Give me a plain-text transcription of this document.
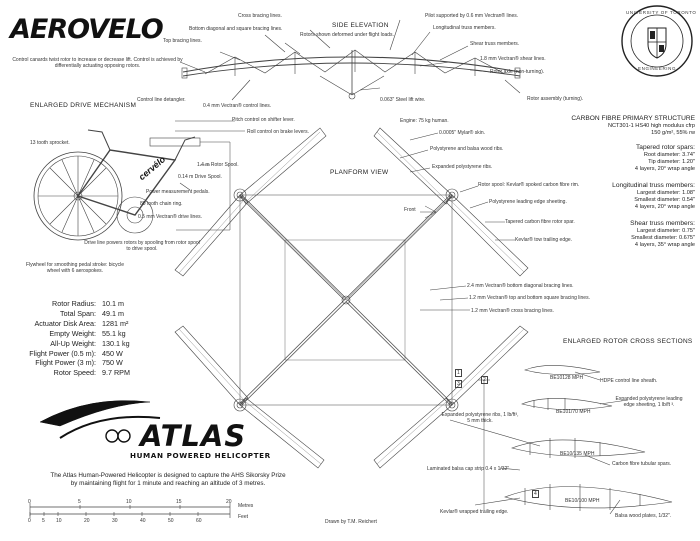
AEROVELO
UNIVERSITY OF TORONTO
ENGINEERING
SIDE ELEVATION
Rotors shown deformed under flight loads.
Control canards twist rotor to increase or decrease lift. Control is achieved by differentially actuating opposing rotors.
Cross bracing lines.
Bottom diagonal and square bracing lines.
Top bracing lines.
Pilot supported by 0.6 mm Vectran® lines.
Longitudinal truss members.
Shear truss members.
1.8 mm Vectran® shear lines.
Rotor axle (non-turning).
Rotor assembly (turning).
0.063" Steel lift wire.
Engine: 75 kg human.
Control line detangler.
ENLARGED DRIVE MECHANISM	0.4 mm Vectran® control lines.
Pitch control on shifter lever.
Roll control on brake levers.
13 tooth sprocket.
1.4 m Rotor Spool.
0.14 m Drive Spool.
Power measurement pedals.
80 tooth chain ring.
0.5 mm Vectran® drive lines.
Drive line powers rotors by spooling from rotor spool to drive spool.
Flywheel for smoothing pedal stroke: bicycle wheel with 6 aerospokes.
cervélo	PLANFORM VIEW
Front
0.0005" Mylar® skin.
Polystyrene and balsa wood ribs.
Expanded polystyrene ribs.
Rotor spool: Kevlar® spoked carbon fibre rim.
Polystyrene leading edge sheeting.
Tapered carbon fibre rotor spar.
Kevlar® tow trailing edge.
2.4 mm Vectran® bottom diagonal bracing lines.
1.2 mm Vectran® top and bottom square bracing lines.
1.2 mm Vectran® cross bracing lines.
Rotor Radius: 10.1 m
Total Span: 49.1 m
Actuator Disk Area: 1281 m²
Empty Weight: 55.1 kg
All-Up Weight: 130.1 kg
Flight Power (0.5 m): 450 W
Flight Power (3 m): 750 W
Rotor Speed: 9.7 RPM
ATLAS
HUMAN POWERED HELICOPTER
The Atlas Human-Powered Helicopter is designed to capture the AHS Sikorsky Prize
by maintaining flight for 1 minute and reaching an altitude of 3 metres.
Metres
Feet
0	5	10	15	20
0 5 10	20	30	40	50	60	Drawn by T.M. Reichert
CARBON FIBRE PRIMARY STRUCTURE
NCT301-1 HS40 high modulus cfrp
150 g/m², 55% rw
Tapered rotor spars:
Root diameter: 3.74"
Tip diameter: 1.20"
4 layers, 20° wrap angle
Longitudinal truss members:
Largest diameter: 1.08"
Smallest diameter: 0.54"
4 layers, 20° wrap angle
Shear truss members:
Largest diameter: 0.75"
Smallest diameter: 0.675"
4 layers, 35° wrap angle
ENLARGED ROTOR CROSS SECTIONS
BE10128 MPH
BE101/70 MPH
BE10/135 MPH
BE10/100 MPH
1
2
3
4
HDPE control line sheath.
Expanded polystyrene leading edge sheeting, 1 lb/ft ³.
Expanded polystyrene ribs, 1 lb/ft³, 5 mm thick.
Laminated balsa cap strip 0.4 x 1/32"
Carbon fibre tubular spars.
Balsa wood plates, 1/32".
Kevlar® wrapped trailing edge.
